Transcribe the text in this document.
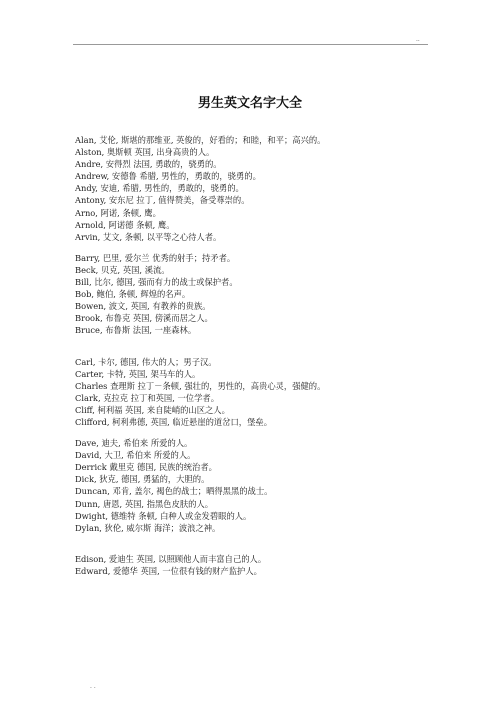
..
男生英文名字大全
Alan, 艾伦, 斯堪的那维亚, 英俊的，好看的；和睦，和平；高兴的。
Alston, 奥斯顿 英国, 出身高贵的人。
Andre, 安得烈 法国, 勇敢的，骁勇的。
Andrew, 安德鲁 希腊, 男性的，勇敢的，骁勇的。
Andy, 安迪, 希腊, 男性的，勇敢的，骁勇的。
Antony, 安东尼 拉丁, 值得赞美，备受尊崇的。
Arno, 阿诺, 条顿, 鹰。
Arnold, 阿诺德 条顿, 鹰。
Arvin, 艾文, 条顿, 以平等之心待人者。
Barry, 巴里, 爱尔兰 优秀的射手；持矛者。
Beck, 贝克, 英国, 溪流。
Bill, 比尔, 德国, 强而有力的战士或保护者。
Bob, 鲍伯, 条顿, 辉煌的名声。
Bowen, 波文, 英国, 有教养的贵族。
Brook, 布鲁克 英国, 傍溪而居之人。
Bruce, 布鲁斯 法国, 一座森林。
Carl, 卡尔, 德国, 伟大的人；男子汉。
Carter, 卡特, 英国, 架马车的人。
Charles 查理斯 拉丁－条顿, 强壮的，男性的，高贵心灵，强健的。
Clark, 克拉克 拉丁和英国, 一位学者。
Cliff, 柯利福 英国, 来自陡峭的山区之人。
Clifford, 柯利弗德, 英国, 临近悬崖的道岔口，堡垒。
Dave, 迪夫, 希伯来 所爱的人。
David, 大卫, 希伯来 所爱的人。
Derrick 戴里克 德国, 民族的统治者。
Dick, 狄克, 德国, 勇猛的，大胆的。
Duncan, 邓肯, 盖尔, 褐色的战士；晒得黑黑的战士。
Dunn, 唐恩, 英国, 指黑色皮肤的人。
Dwight, 德维特 条顿, 白种人或金发碧眼的人。
Dylan, 狄伦, 威尔斯 海洋；波浪之神。
Edison, 爱迪生 英国, 以照顾他人而丰富自己的人。
Edward, 爱德华 英国, 一位很有钱的财产监护人。
. .
